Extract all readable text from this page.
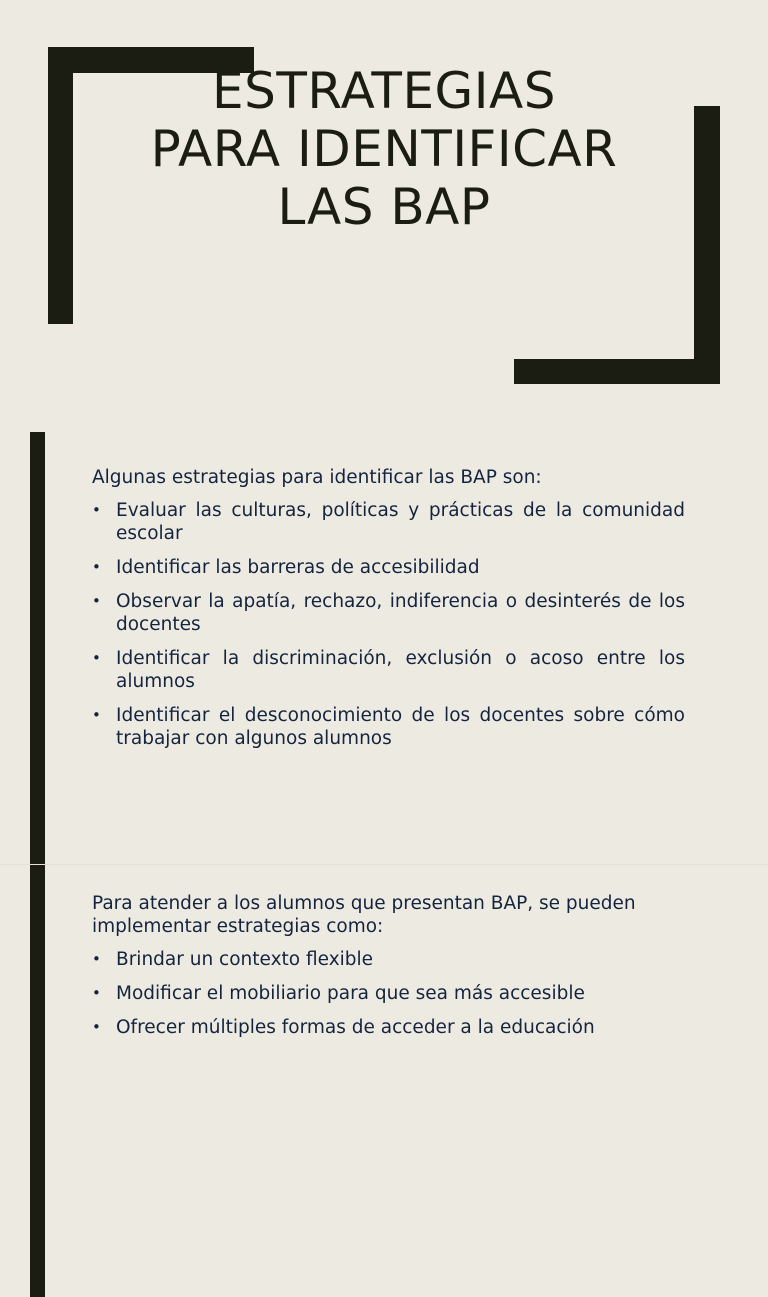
ESTRATEGIAS
PARA IDENTIFICAR
LAS BAP

Algunas estrategias para identificar las BAP son:

• Evaluar las culturas, políticas y prácticas de la comunidad escolar
• Identificar las barreras de accesibilidad
• Observar la apatía, rechazo, indiferencia o desinterés de los docentes
• Identificar la discriminación, exclusión o acoso entre los alumnos
• Identificar el desconocimiento de los docentes sobre cómo trabajar con algunos alumnos

Para atender a los alumnos que presentan BAP, se pueden implementar estrategias como:

• Brindar un contexto flexible
• Modificar el mobiliario para que sea más accesible
• Ofrecer múltiples formas de acceder a la educación
